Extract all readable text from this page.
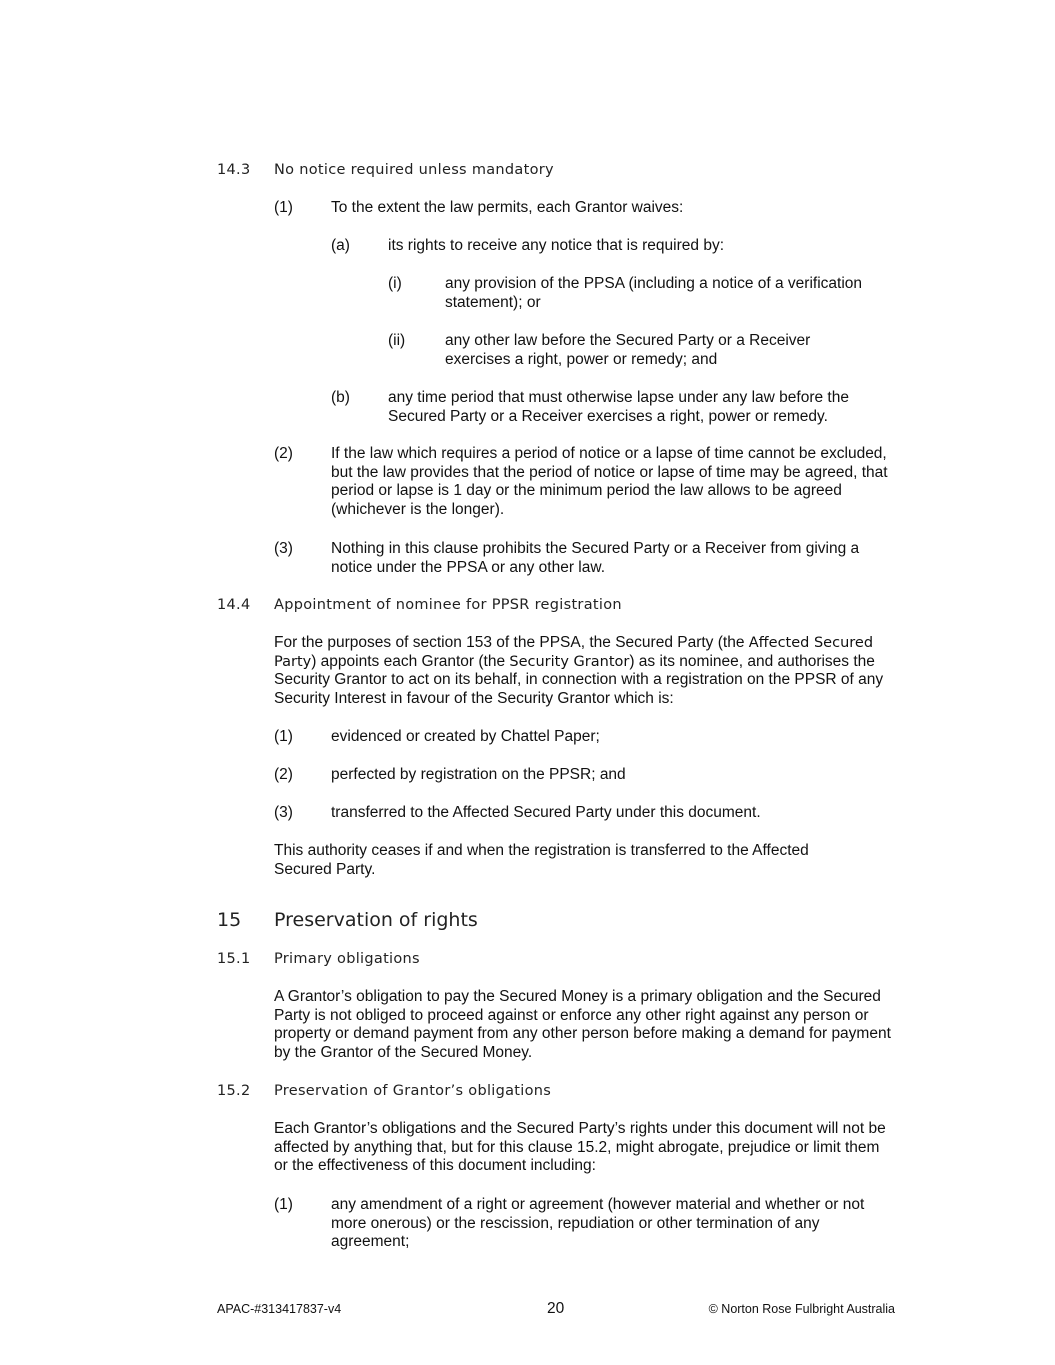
14.3 No notice required unless mandatory
(1) To the extent the law permits, each Grantor waives:
(a) its rights to receive any notice that is required by:
(i)	any provision of the PPSA (including a notice of a verification statement); or
(ii)	any other law before the Secured Party or a Receiver exercises a right, power or remedy; and
(b) any time period that must otherwise lapse under any law before the Secured Party or a Receiver exercises a right, power or remedy.
(2) If the law which requires a period of notice or a lapse of time cannot be excluded, but the law provides that the period of notice or lapse of time may be agreed, that period or lapse is 1 day or the minimum period the law allows to be agreed (whichever is the longer).
(3) Nothing in this clause prohibits the Secured Party or a Receiver from giving a notice under the PPSA or any other law.
14.4 Appointment of nominee for PPSR registration
For the purposes of section 153 of the PPSA, the Secured Party (the Affected Secured Party) appoints each Grantor (the Security Grantor) as its nominee, and authorises the Security Grantor to act on its behalf, in connection with a registration on the PPSR of any Security Interest in favour of the Security Grantor which is:
(1) evidenced or created by Chattel Paper;
(2) perfected by registration on the PPSR; and
(3) transferred to the Affected Secured Party under this document.
This authority ceases if and when the registration is transferred to the Affected Secured Party.
15 Preservation of rights
15.1 Primary obligations
A Grantor’s obligation to pay the Secured Money is a primary obligation and the Secured Party is not obliged to proceed against or enforce any other right against any person or property or demand payment from any other person before making a demand for payment by the Grantor of the Secured Money.
15.2 Preservation of Grantor’s obligations
Each Grantor’s obligations and the Secured Party’s rights under this document will not be affected by anything that, but for this clause 15.2, might abrogate, prejudice or limit them or the effectiveness of this document including:
(1) any amendment of a right or agreement (however material and whether or not more onerous) or the rescission, repudiation or other termination of any agreement;
APAC-#313417837-v4	20	© Norton Rose Fulbright Australia
